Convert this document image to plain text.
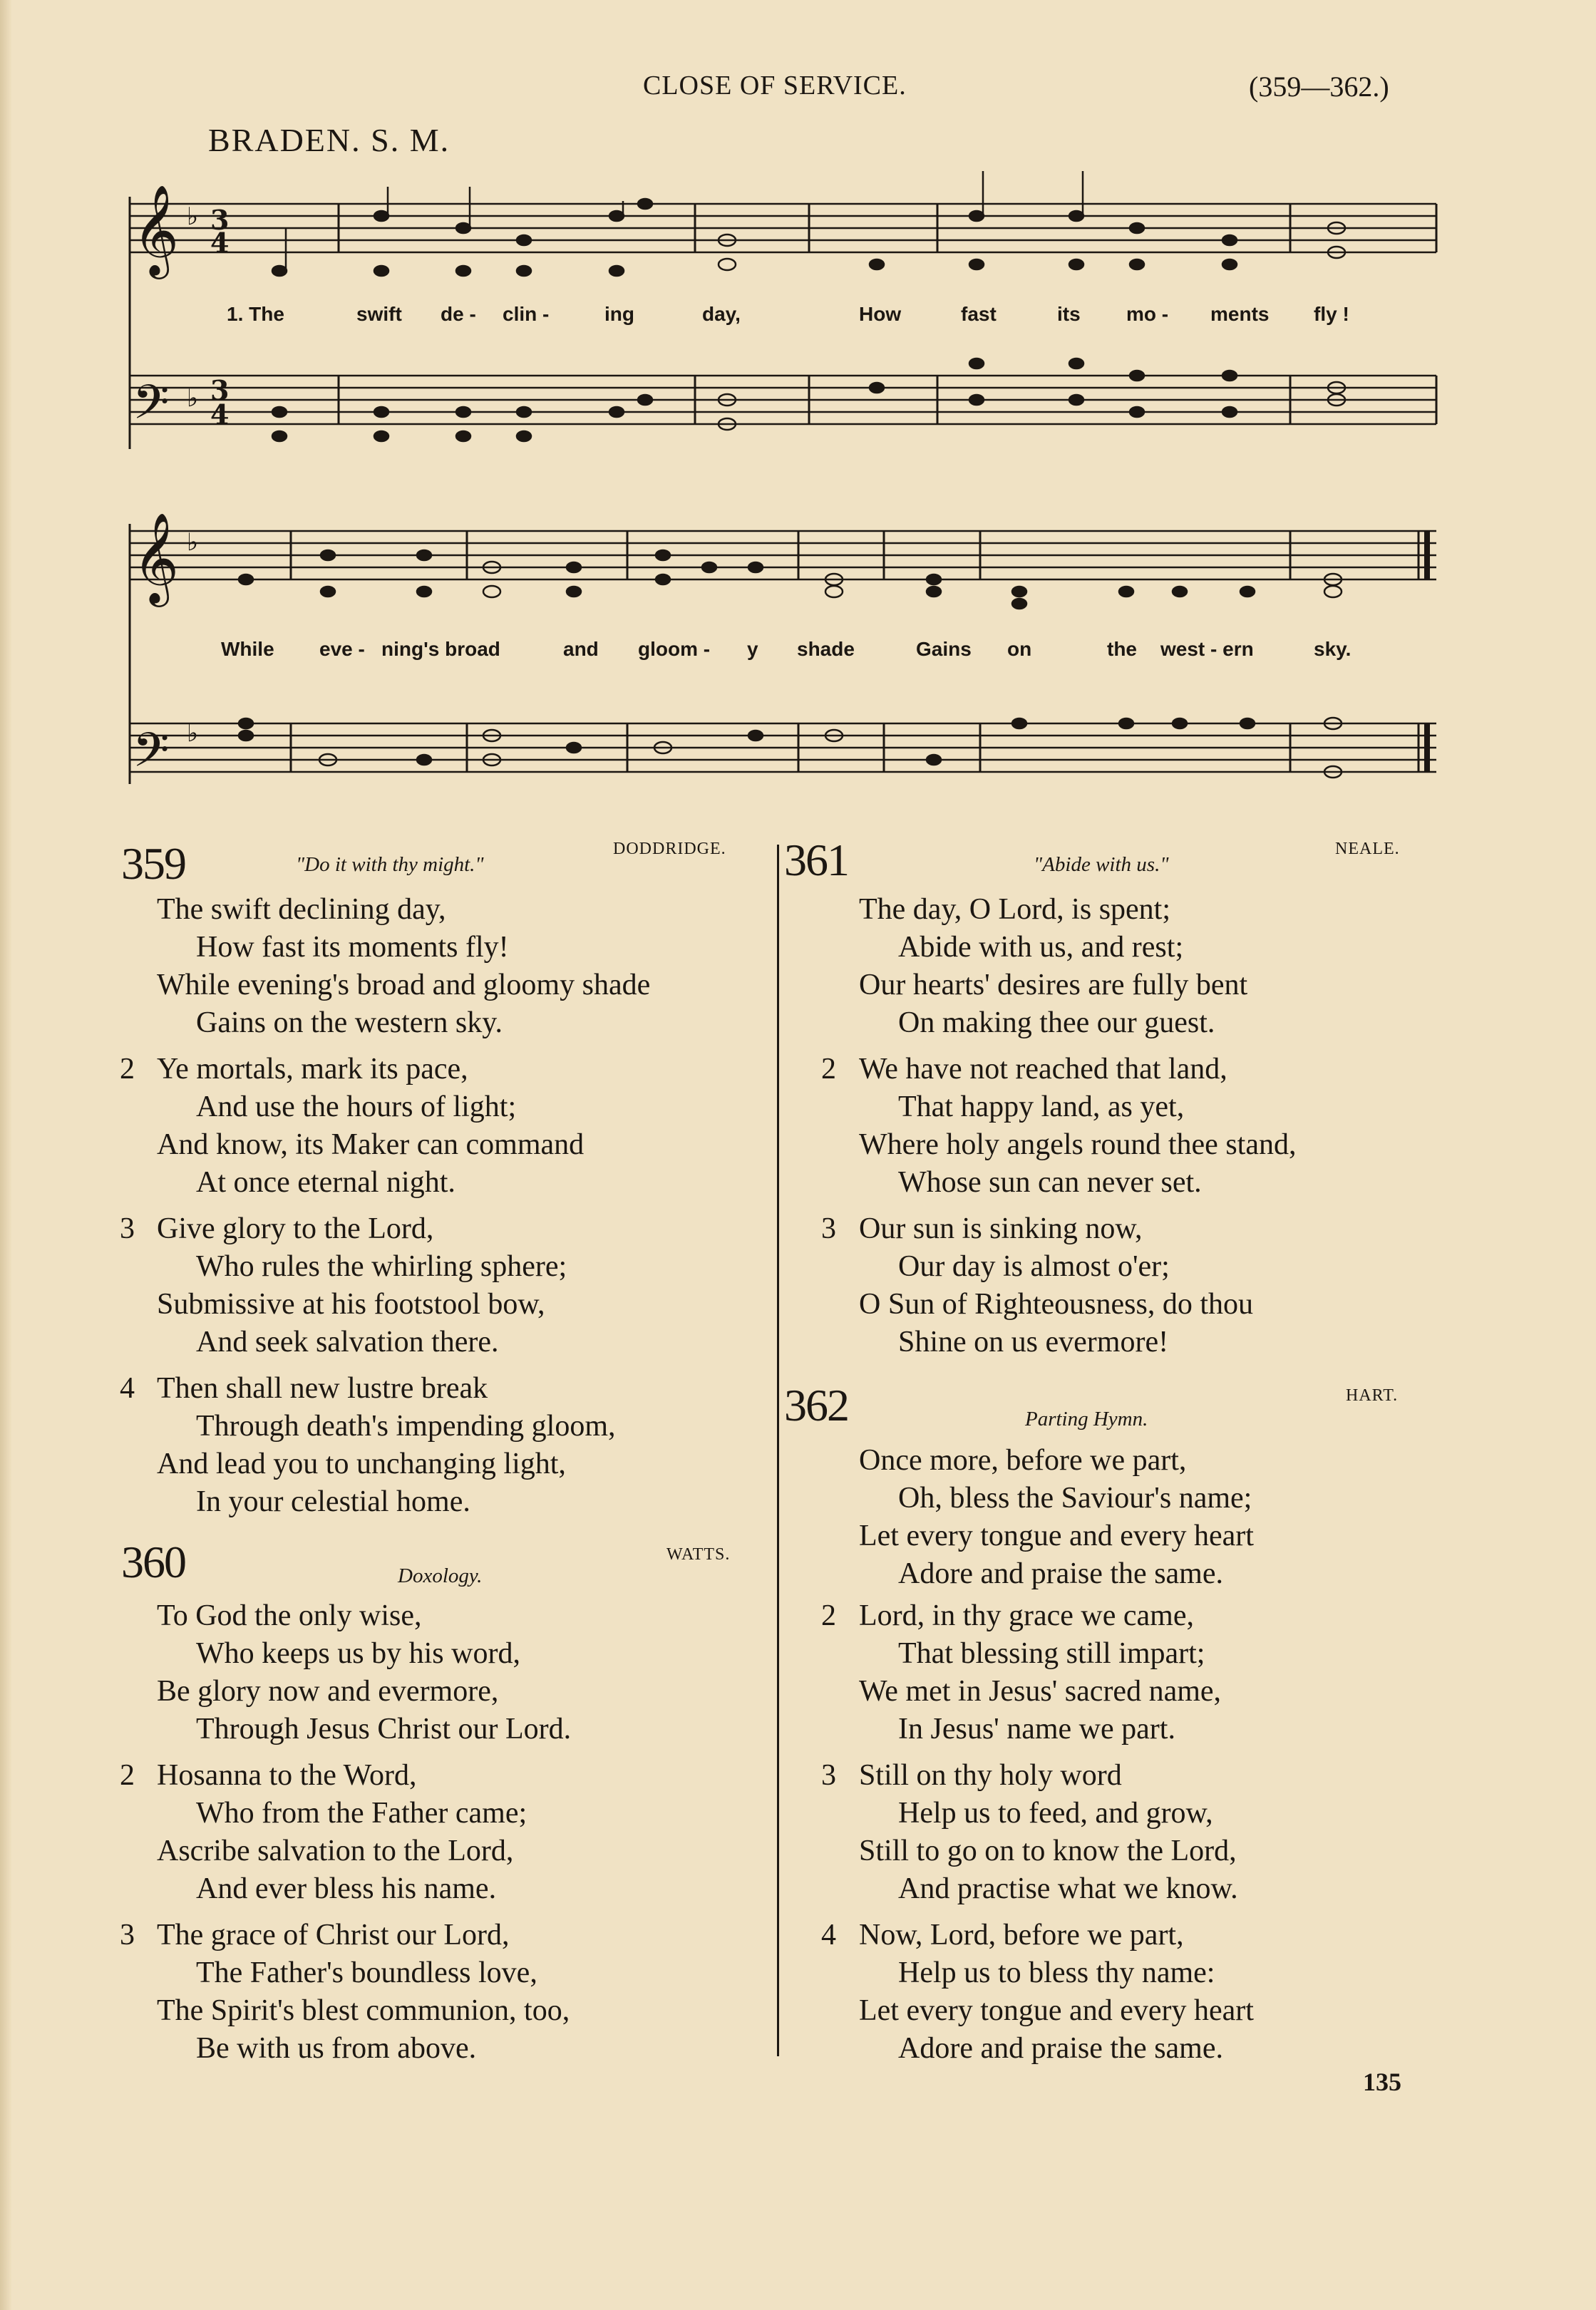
CLOSE OF SERVICE.	(359—362.)
BRADEN. S. M.
𝄞
𝄢
𝄞
𝄢
♭ 3
4
♭ 3
4
♭
♭
1. The	swift de - clin -	ing	day,	How	fast	its mo - ments fly !
While eve - ning's broad	and gloom - y shade	Gains on	the west - ern	sky.
359	"Do it with thy might."
DODDRIDGE.
The swift declining day,
How fast its moments fly!
While evening's broad and gloomy shade
Gains on the western sky.
2 Ye mortals, mark its pace,
And use the hours of light;
And know, its Maker can command
At once eternal night.
3 Give glory to the Lord,
Who rules the whirling sphere;
Submissive at his footstool bow,
And seek salvation there.
4 Then shall new lustre break
Through death's impending gloom,
And lead you to unchanging light,
In your celestial home.
360	Doxology.
WATTS.
To God the only wise,
Who keeps us by his word,
Be glory now and evermore,
Through Jesus Christ our Lord.
2 Hosanna to the Word,
Who from the Father came;
Ascribe salvation to the Lord,
And ever bless his name.
3 The grace of Christ our Lord,
The Father's boundless love,
The Spirit's blest communion, too,
Be with us from above.
361	"Abide with us."
NEALE.
The day, O Lord, is spent;
Abide with us, and rest;
Our hearts' desires are fully bent
On making thee our guest.
2 We have not reached that land,
That happy land, as yet,
Where holy angels round thee stand,
Whose sun can never set.
3 Our sun is sinking now,
Our day is almost o'er;
O Sun of Righteousness, do thou
Shine on us evermore!
362	Parting Hymn.
HART.
Once more, before we part,
Oh, bless the Saviour's name;
Let every tongue and every heart
Adore and praise the same.
2 Lord, in thy grace we came,
That blessing still impart;
We met in Jesus' sacred name,
In Jesus' name we part.
3 Still on thy holy word
Help us to feed, and grow,
Still to go on to know the Lord,
And practise what we know.
4 Now, Lord, before we part,
Help us to bless thy name:
Let every tongue and every heart
Adore and praise the same.
135
